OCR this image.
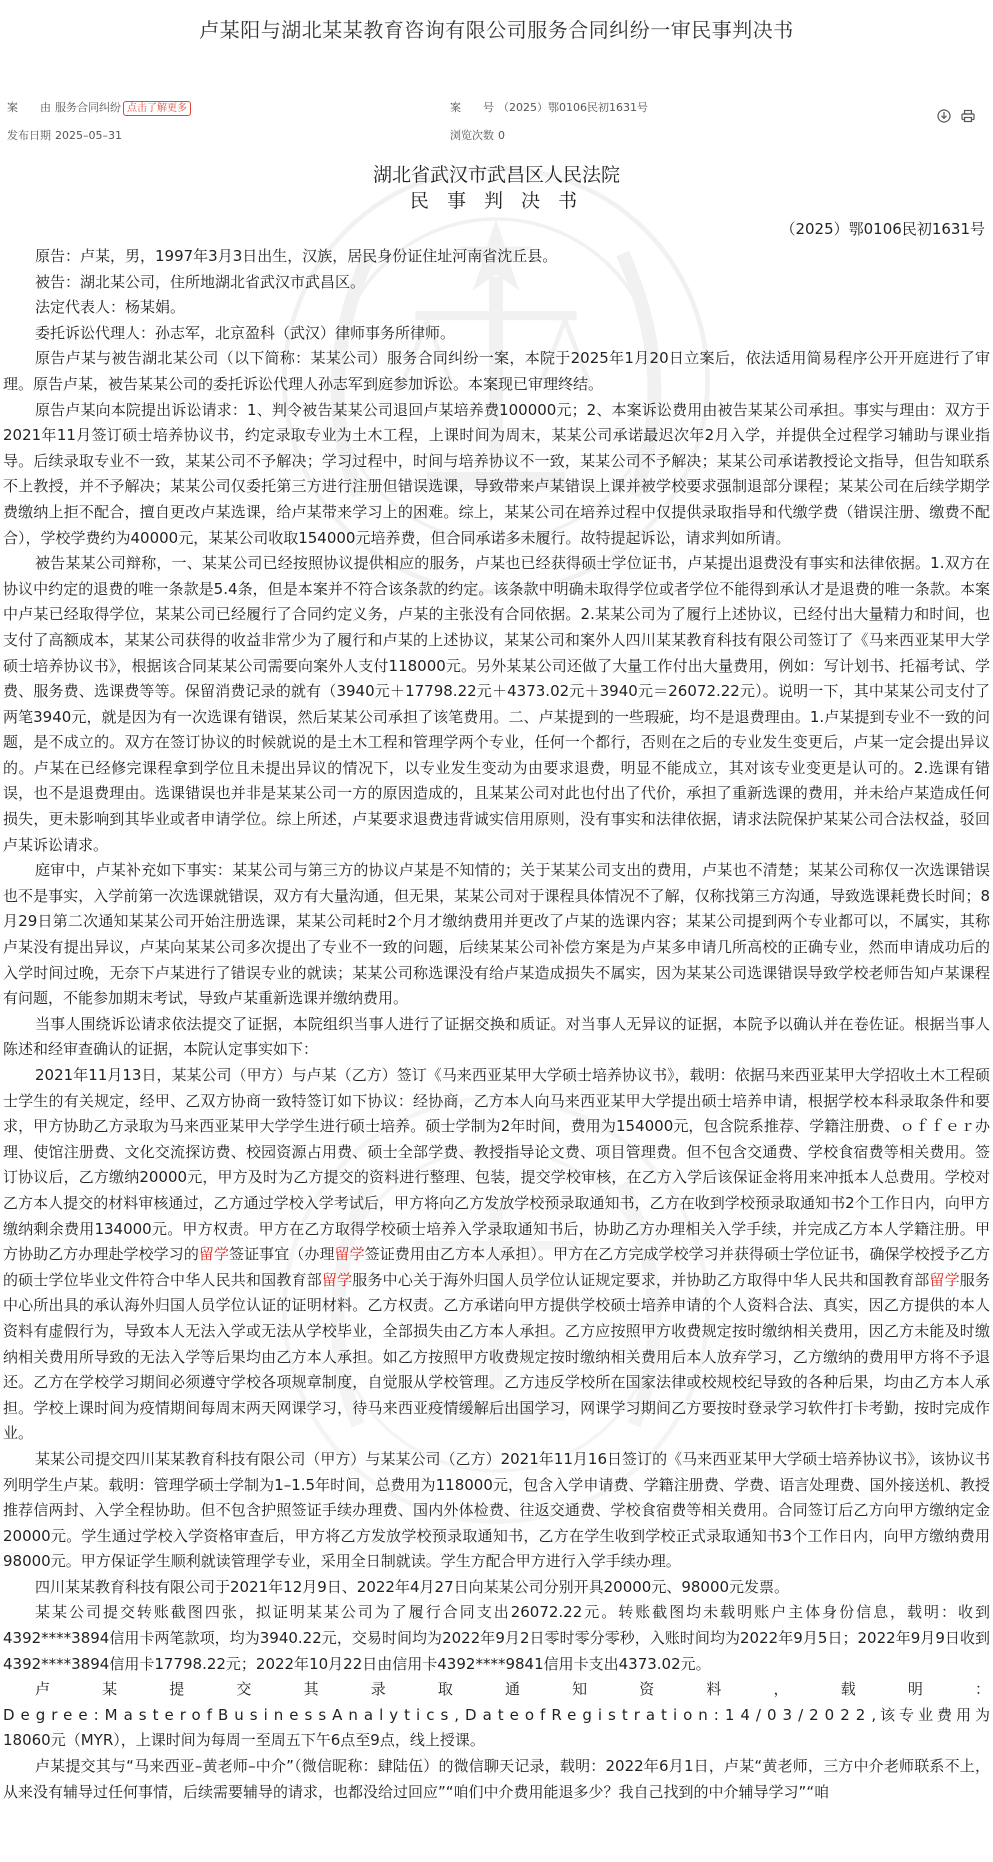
卢某阳与湖北某某教育咨询有限公司服务合同纠纷一审民事判决书
案　　由 服务合同纠纷 点击了解更多	案　　号 （2025）鄂0106民初1631号
发布日期 2025–05–31	浏览次数 0

湖北省武汉市武昌区人民法院
民 事 判 决 书
（2025）鄂0106民初1631号

原告：卢某，男，1997年3月3日出生，汉族，居民身份证住址河南省沈丘县。

被告：湖北某公司，住所地湖北省武汉市武昌区。

法定代表人：杨某娟。

委托诉讼代理人：孙志军，北京盈科（武汉）律师事务所律师。

原告卢某与被告湖北某公司（以下简称：某某公司）服务合同纠纷一案，本院于2025年1月20日立案后，依法适用简易程序公开开庭进行了审理。原告卢某，被告某某公司的委托诉讼代理人孙志军到庭参加诉讼。本案现已审理终结。

原告卢某向本院提出诉讼请求：1、判令被告某某公司退回卢某培养费100000元；2、本案诉讼费用由被告某某公司承担。事实与理由：双方于2021年11月签订硕士培养协议书，约定录取专业为土木工程，上课时间为周末，某某公司承诺最迟次年2月入学，并提供全过程学习辅助与课业指导。后续录取专业不一致，某某公司不予解决；学习过程中，时间与培养协议不一致，某某公司不予解决；某某公司承诺教授论文指导，但告知联系不上教授，并不予解决；某某公司仅委托第三方进行注册但错误选课，导致带来卢某错误上课并被学校要求强制退部分课程；某某公司在后续学期学费缴纳上拒不配合，擅自更改卢某选课，给卢某带来学习上的困难。综上，某某公司在培养过程中仅提供录取指导和代缴学费（错误注册、缴费不配合），学校学费约为40000元，某某公司收取154000元培养费，但合同承诺多未履行。故特提起诉讼，请求判如所请。

被告某某公司辩称，一、某某公司已经按照协议提供相应的服务，卢某也已经获得硕士学位证书，卢某提出退费没有事实和法律依据。1.双方在协议中约定的退费的唯一条款是5.4条，但是本案并不符合该条款的约定。该条款中明确未取得学位或者学位不能得到承认才是退费的唯一条款。本案中卢某已经取得学位，某某公司已经履行了合同约定义务，卢某的主张没有合同依据。2.某某公司为了履行上述协议，已经付出大量精力和时间，也支付了高额成本，某某公司获得的收益非常少为了履行和卢某的上述协议，某某公司和案外人四川某某教育科技有限公司签订了《马来西亚某甲大学硕士培养协议书》，根据该合同某某公司需要向案外人支付118000元。另外某某公司还做了大量工作付出大量费用，例如：写计划书、托福考试、学费、服务费、选课费等等。保留消费记录的就有（3940元＋17798.22元＋4373.02元＋3940元＝26072.22元）。说明一下，其中某某公司支付了两笔3940元，就是因为有一次选课有错误，然后某某公司承担了该笔费用。二、卢某提到的一些瑕疵，均不是退费理由。1.卢某提到专业不一致的问题，是不成立的。双方在签订协议的时候就说的是土木工程和管理学两个专业，任何一个都行，否则在之后的专业发生变更后，卢某一定会提出异议的。卢某在已经修完课程拿到学位且未提出异议的情况下，以专业发生变动为由要求退费，明显不能成立，其对该专业变更是认可的。2.选课有错误，也不是退费理由。选课错误也并非是某某公司一方的原因造成的，且某某公司对此也付出了代价，承担了重新选课的费用，并未给卢某造成任何损失，更未影响到其毕业或者申请学位。综上所述，卢某要求退费违背诚实信用原则，没有事实和法律依据，请求法院保护某某公司合法权益，驳回卢某诉讼请求。

庭审中，卢某补充如下事实：某某公司与第三方的协议卢某是不知情的；关于某某公司支出的费用，卢某也不清楚；某某公司称仅一次选课错误也不是事实，入学前第一次选课就错误，双方有大量沟通，但无果，某某公司对于课程具体情况不了解，仅称找第三方沟通，导致选课耗费长时间；8月29日第二次通知某某公司开始注册选课，某某公司耗时2个月才缴纳费用并更改了卢某的选课内容；某某公司提到两个专业都可以，不属实，其称卢某没有提出异议，卢某向某某公司多次提出了专业不一致的问题，后续某某公司补偿方案是为卢某多申请几所高校的正确专业，然而申请成功后的入学时间过晚，无奈下卢某进行了错误专业的就读；某某公司称选课没有给卢某造成损失不属实，因为某某公司选课错误导致学校老师告知卢某课程有问题，不能参加期末考试，导致卢某重新选课并缴纳费用。

当事人围绕诉讼请求依法提交了证据，本院组织当事人进行了证据交换和质证。对当事人无异议的证据，本院予以确认并在卷佐证。根据当事人陈述和经审查确认的证据，本院认定事实如下：

2021年11月13日，某某公司（甲方）与卢某（乙方）签订《马来西亚某甲大学硕士培养协议书》，载明：依据马来西亚某甲大学招收土木工程硕士学生的有关规定，经甲、乙双方协商一致特签订如下协议：经协商，乙方本人向马来西亚某甲大学提出硕士培养申请，根据学校本科录取条件和要求，甲方协助乙方录取为马来西亚某甲大学学生进行硕士培养。硕士学制为2年时间，费用为154000元，包含院系推荐、学籍注册费、ｏｆｆｅｒ办理、使馆注册费、文化交流探访费、校园资源占用费、硕士全部学费、教授指导论文费、项目管理费。但不包含交通费、学校食宿费等相关费用。签订协议后，乙方缴纳20000元，甲方及时为乙方提交的资料进行整理、包装，提交学校审核，在乙方入学后该保证金将用来冲抵本人总费用。学校对乙方本人提交的材料审核通过，乙方通过学校入学考试后，甲方将向乙方发放学校预录取通知书，乙方在收到学校预录取通知书2个工作日内，向甲方缴纳剩余费用134000元。甲方权责。甲方在乙方取得学校硕士培养入学录取通知书后，协助乙方办理相关入学手续，并完成乙方本人学籍注册。甲方协助乙方办理赴学校学习的留学签证事宜（办理留学签证费用由乙方本人承担）。甲方在乙方完成学校学习并获得硕士学位证书，确保学校授予乙方的硕士学位毕业文件符合中华人民共和国教育部留学服务中心关于海外归国人员学位认证规定要求，并协助乙方取得中华人民共和国教育部留学服务中心所出具的承认海外归国人员学位认证的证明材料。乙方权责。乙方承诺向甲方提供学校硕士培养申请的个人资料合法、真实，因乙方提供的本人资料有虚假行为，导致本人无法入学或无法从学校毕业，全部损失由乙方本人承担。乙方应按照甲方收费规定按时缴纳相关费用，因乙方未能及时缴纳相关费用所导致的无法入学等后果均由乙方本人承担。如乙方按照甲方收费规定按时缴纳相关费用后本人放弃学习，乙方缴纳的费用甲方将不予退还。乙方在学校学习期间必须遵守学校各项规章制度，自觉服从学校管理。乙方违反学校所在国家法律或校规校纪导致的各种后果，均由乙方本人承担。学校上课时间为疫情期间每周末两天网课学习，待马来西亚疫情缓解后出国学习，网课学习期间乙方要按时登录学习软件打卡考勤，按时完成作业。

某某公司提交四川某某教育科技有限公司（甲方）与某某公司（乙方）2021年11月16日签订的《马来西亚某甲大学硕士培养协议书》，该协议书列明学生卢某。载明：管理学硕士学制为1–1.5年时间，总费用为118000元，包含入学申请费、学籍注册费、学费、语言处理费、国外接送机、教授推荐信两封、入学全程协助。但不包含护照签证手续办理费、国内外体检费、往返交通费、学校食宿费等相关费用。合同签订后乙方向甲方缴纳定金20000元。学生通过学校入学资格审查后，甲方将乙方发放学校预录取通知书，乙方在学生收到学校正式录取通知书3个工作日内，向甲方缴纳费用98000元。甲方保证学生顺利就读管理学专业，采用全日制就读。学生方配合甲方进行入学手续办理。

四川某某教育科技有限公司于2021年12月9日、2022年4月27日向某某公司分别开具20000元、98000元发票。

某某公司提交转账截图四张，拟证明某某公司为了履行合同支出26072.22元。转账截图均未载明账户主体身份信息，载明：收到4392****3894信用卡两笔款项，均为3940.22元，交易时间均为2022年9月2日零时零分零秒，入账时间均为2022年9月5日；2022年9月9日收到4392****3894信用卡17798.22元；2022年10月22日由信用卡4392****9841信用卡支出4373.02元。

卢某提交其录取通知资料，载明：Degree:MasterofBusinessAnalytics,DateofRegistration:14/03/2022,该专业费用为18060元（MYR），上课时间为每周一至周五下午6点至9点，线上授课。

卢某提交其与“马来西亚–黄老师–中介”（微信昵称：肆陆伍）的微信聊天记录，载明：2022年6月1日，卢某“黄老师，三方中介老师联系不上，从来没有辅导过任何事情，后续需要辅导的请求，也都没给过回应”“咱们中介费用能退多少？我自己找到的中介辅导学习”“咱
